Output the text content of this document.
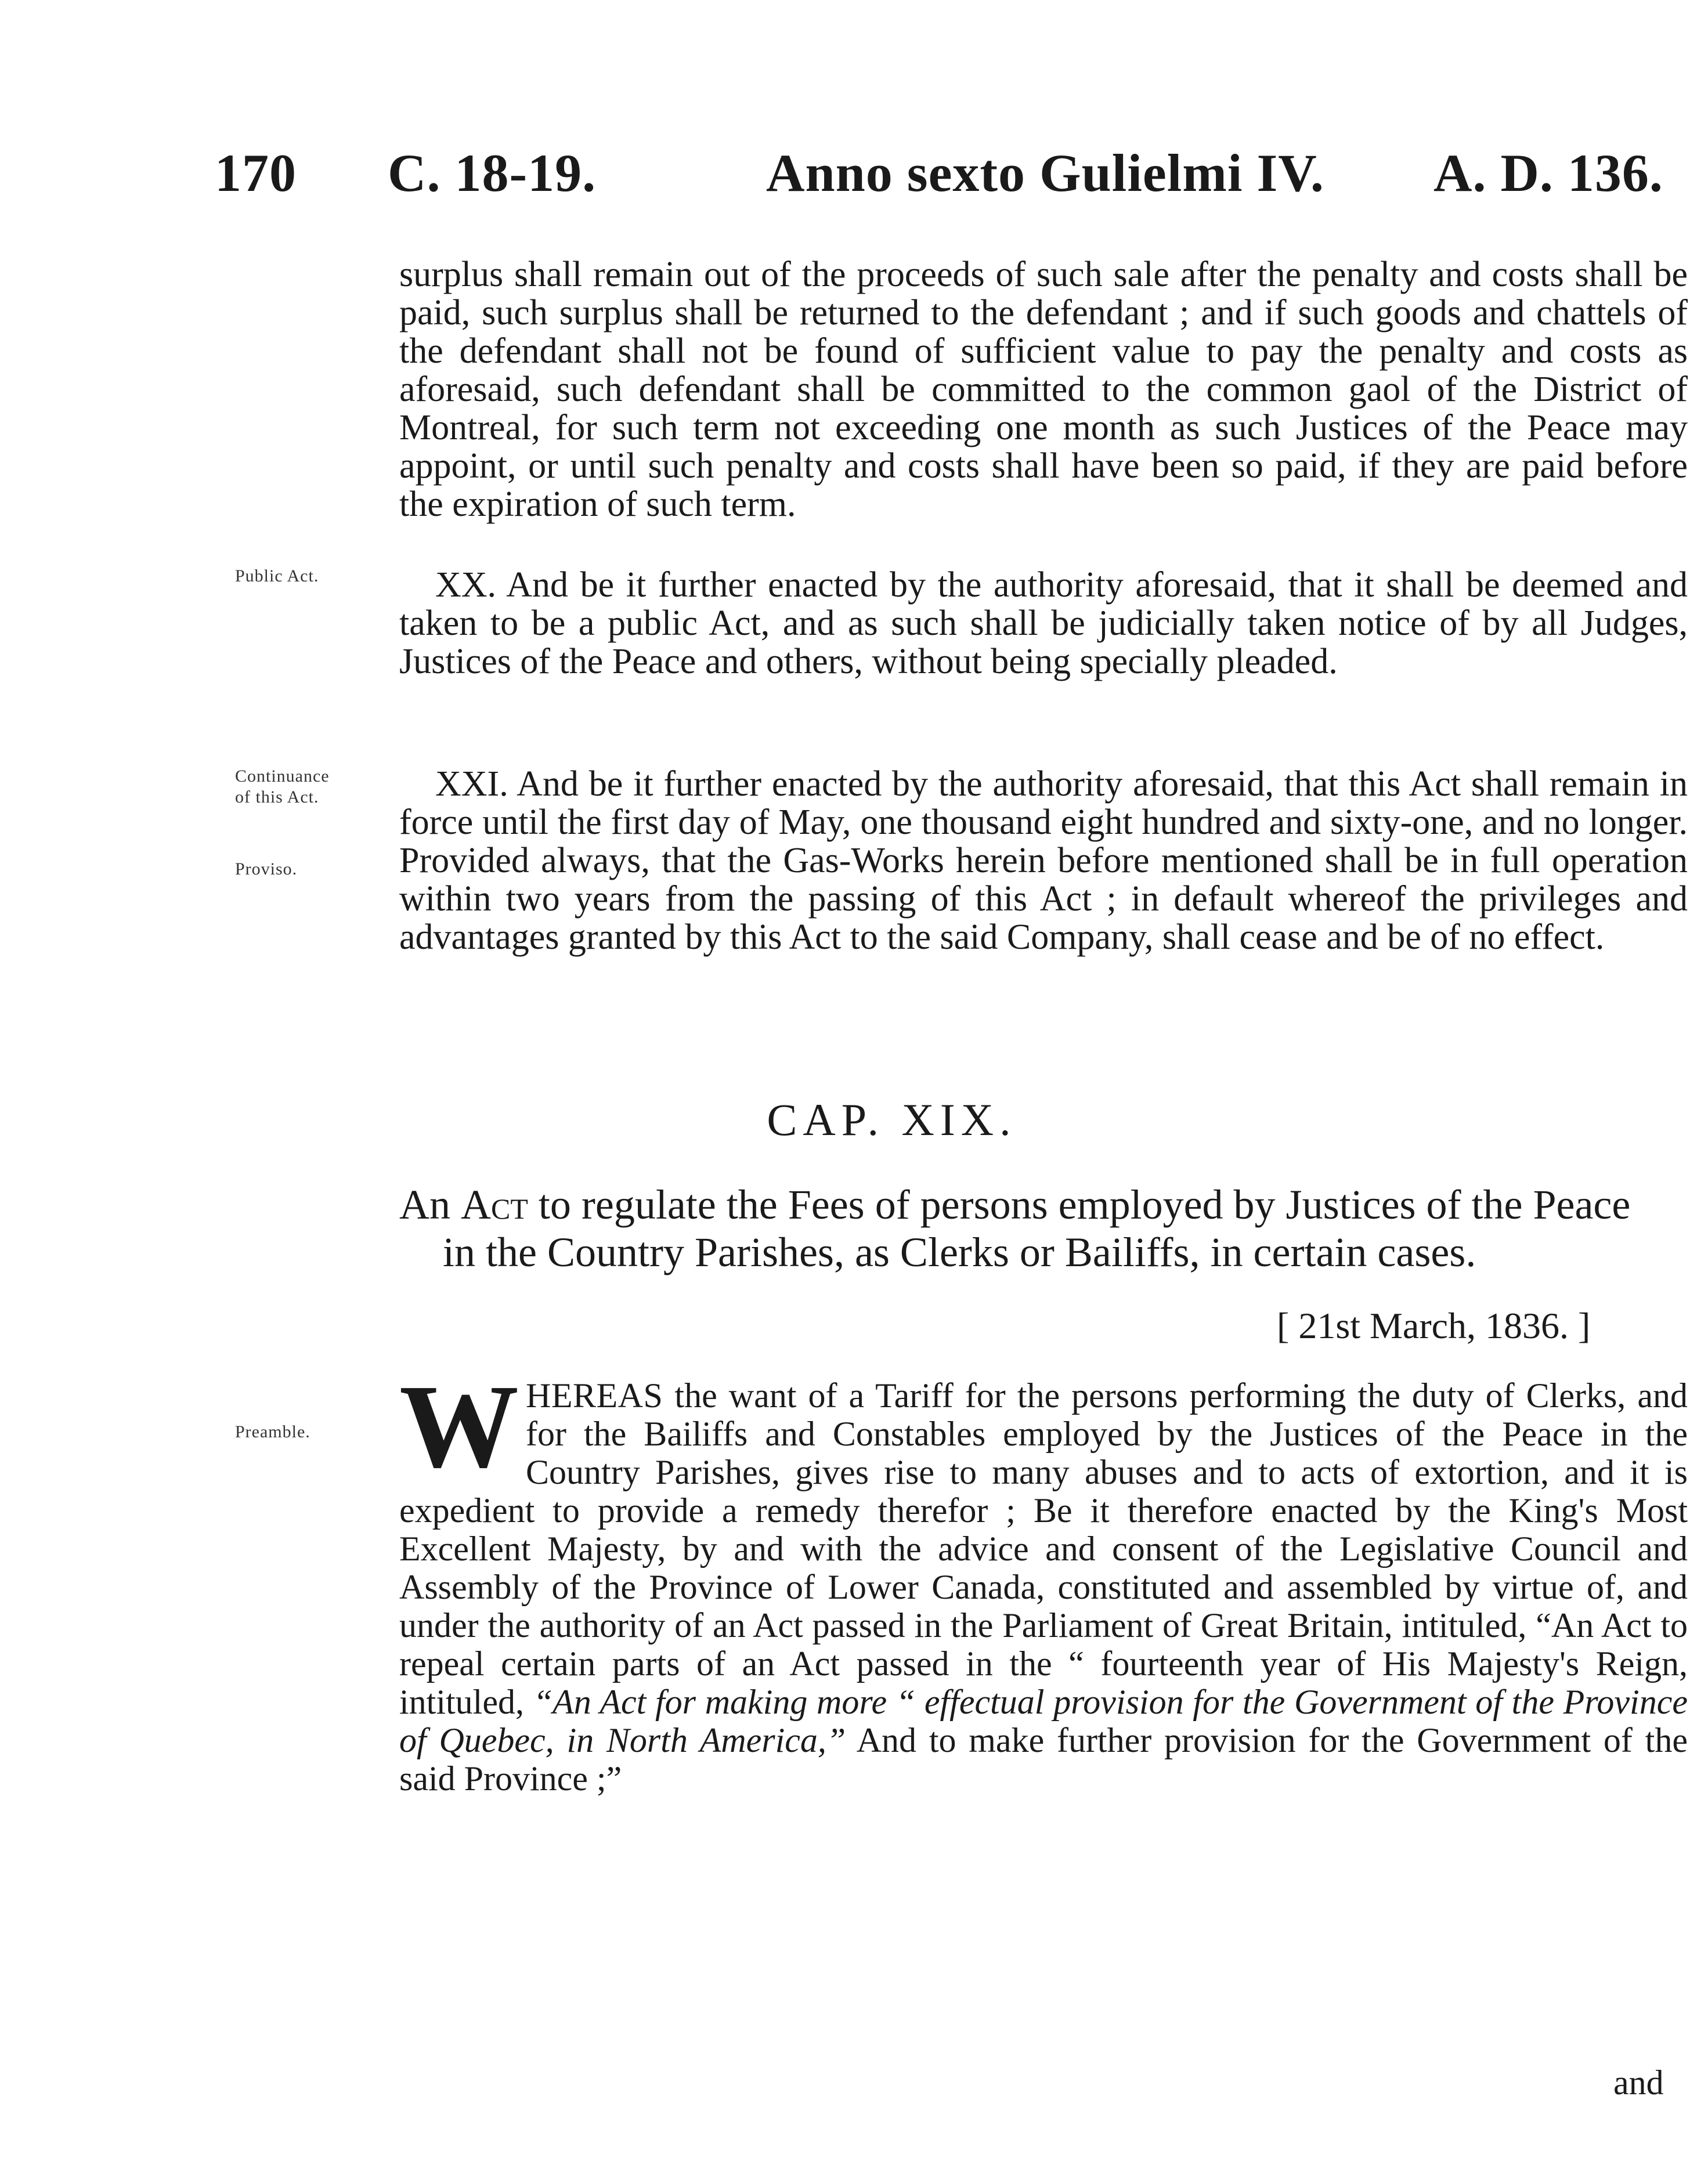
170 C. 18-19.	Anno sexto Gulielmi IV. A. D. 136.

surplus shall remain out of the proceeds of such sale after the penalty and costs shall be paid, such surplus shall be returned to the defendant ; and if such goods and chattels of the defendant shall not be found of sufficient value to pay the penalty and costs as aforesaid, such defendant shall be committed to the common gaol of the District of Montreal, for such term not exceeding one month as such Justices of the Peace may appoint, or until such penalty and costs shall have been so paid, if they are paid before the expiration of such term.

Public Act.	XX. And be it further enacted by the authority aforesaid, that it shall be deemed and taken to be a public Act, and as such shall be judicially taken notice of by all Judges, Justices of the Peace and others, without being specially pleaded.

Continuance
of this Act.
Proviso.

XXI. And be it further enacted by the authority aforesaid, that this Act shall remain in force until the first day of May, one thousand eight hundred and sixty-one, and no longer. Provided always, that the Gas-Works herein before mentioned shall be in full operation within two years from the passing of this Act ; in default whereof the privileges and advantages granted by this Act to the said Company, shall cease and be of no effect.

CAP. XIX.
An Act to regulate the Fees of persons employed by Justices of the Peace
in the Country Parishes, as Clerks or Bailiffs, in certain cases.
[ 21st March, 1836. ]
Preamble. WHEREAS the want of a Tariff for the persons performing the duty of Clerks, and for the Bailiffs and Constables employed by the Justices of the Peace in the Country Parishes, gives rise to many abuses and to acts of extortion, and it is expedient to provide a remedy therefor ; Be it therefore enacted by the King's Most Excellent Majesty, by and with the advice and consent of the Legislative Council and Assembly of the Province of Lower Canada, constituted and assembled by virtue of, and under the authority of an Act passed in the Parliament of Great Britain, intituled, “An Act to repeal certain parts of an Act passed in the “ fourteenth year of His Majesty's Reign, intituled, “An Act for making more “ effectual provision for the Government of the Province of Quebec, in North America,” And to make further provision for the Government of the said Province ;”

and
